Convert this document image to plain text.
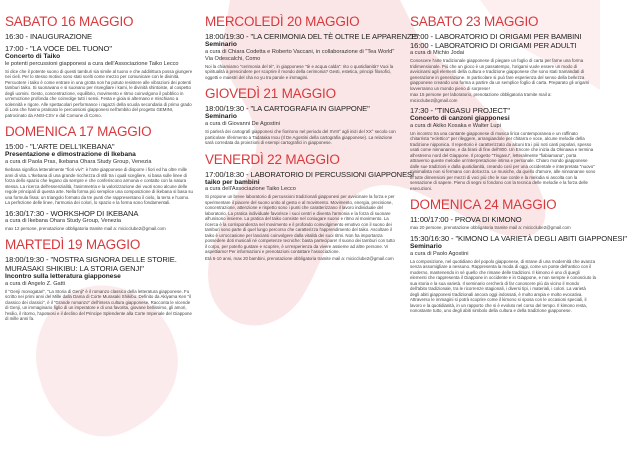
SABATO 16 MAGGIO

16:30 - INAUGURAZIONE

17:00 - "LA VOCE DEL TUONO"

Concerto di Taiko

le potenti percussioni giapponesi a cura dell'Associazione Taiko Lecco

Si dice che il potente suono di questi tamburi sia simile al tuono e che addirittura possa giungere nei cieli. Per lo stesso motivo sono stati scelti come mezzo per comunicare con le divinità. Percuotere i taiko è come entrare in una grotta non ha potuto resistere alle vibrazioni dei potenti tamburi taiko. Si suonavano e si suonano per risvegliare i kami, le divinità shintoiste, al cospetto degli uomini. Gesto, concentrazione, equilibrio, movimento e ritmo coinvolgono il pubblico in un'emozione profonda che coinvolge tutti i sensi. Festa e gioia si alternano e mischiano a solennità e rigore. Alle spettacolari performance i ragazzi della scuola secondaria di primo grado di Lora che hanno praticato le percussioni giapponesi nell'ambito del progetto GEMINI, patrocinato da ANSI-CSV e dal Comune di Como.

DOMENICA 17 MAGGIO

15:00 - "L'ARTE DELL'IKEBANA"

Presentazione e dimostrazione di Ikebana

a cura di Paola Pras, Ikebana Ohara Study Group, Venezia

Ikebana significa letteralmente "fiori vivi": è l'arte giapponese di disporre i fiori ed ha oltre mille anni di vita. L'Ikebana di una grande ricchezza di stili tra i quali scegliere, si basa sulle linee di forza dello spazio che legano da sempre e che conferiscono armonia e contatto con la natura stessa. La ricerca dell'essenzialità, l'asimmetria e la valorizzazione dei vuoti sono alcune delle regole principali di questa arte. Nella forma più semplice una composizione di ikebana si basa su una formula fissa: un triangolo formato da tre punti che rappresentano il cielo, la terra e l'uomo. La perfezione delle linee, l'armonia dei colori, lo spazio e la forma sono fondamentali.

16:30/17:30 - WORKSHOP DI IKEBANA

a cura di Ikebana Ohara Study Group, Venezia

max 12 persone, prenotazione obbligatoria tramite mail a: micicclube2@gmail.com

MARTEDÌ 19 MAGGIO

18:00/19:30 - "NOSTRA SIGNORA DELLE STORIE.

MURASAKI SHIKIBU: LA STORIA GENJI"

Incontro sulla letteratura giapponese

a cura di Angelo Z. Gatti

Il "Genji monogatari", "La Storia di Genji" è il romanzo classico della letteratura giapponese. Fu scritto nei primi anni del Mille dalla Dama di Corte Murasaki Shikibu. Definito da Akiyama Ken "il classico dei classici", è il "Grande romanzo" dell'intera cultura giapponese. Racconta le vicende di Genji, un immaginario figlio di un imperatore e di una favorita, giovane bellissimo, gli amori, l'esilio, il ritorno, l'apoteosi e il declino del Principe Splendente alla Corte Imperiale del Giappone di mille anni fa.

MERCOLEDÌ 20 MAGGIO

18:00/19:30 - "LA CERIMONIA DEL TÈ OLTRE LE APPARENZE"

Seminario

a cura di Chiara Codetta e Roberto Vaccani, in collaborazione di "Tea World" Via Odescalchi, Como

Noi la chiamiamo "cerimonia del tè", in giapponese "tè e acqua calda": rito o quotidianità? Vuoi la spiritualità a prescindere per scoprire il mondo della cerimonia? Gesti, estetica, principi filosofici, oggetti e maestri del cha no yu tra parole e immagini.

GIOVEDÌ 21 MAGGIO

18:00/19:30 - "LA CARTOGRAFIA IN GIAPPONE"

Seminario

a cura di Giovanni De Agostini

Si parlerà dei cartografi giapponesi che fiorirono nel periodo del XVIII° agli inizi del XX° secolo con particolare riferimento a Tadataka Inou (Il De Agostini della cartografia giapponese). La relazione sarà corredata da proiezioni di esempi cartografici in giapponese.

VENERDÌ 22 MAGGIO

17:00/18:30 - LABORATORIO DI PERCUSSIONI GIAPPONESI

taiko per bambini

a cura dell'Associazione Taiko Lecco

Si propone un breve laboratorio di percussioni tradizionali giapponesi per avvicinare la forza e per sperimentare il piacere del suono unito al gesto e al movimento. Movimento, energia, precisione, concentrazione, attenzione e rispetto sono i punti che caratterizzano il lavoro individuale del laboratorio. La pratica individuale favorisce i suoi centri e diventa l'armonia e la forza di suonare all'unisono insieme. La pratica del taiko consiste nel coniugare suono e ritmo al movimento. La ricerca è la corrispondenza nel movimento e il profondo coinvolgimento emotivo con il suono dei tamburi sono parte di quel lungo percorso che caratterizza l'apprendimento del taiko. Ascoltare il taiko è un'occasione per lasciarsi coinvolgere dalla vitalità dei suoi ritmi. Non ha importanza possedere doti musicali né competenze tecniche: basta partecipare! Il suono dei tamburi con tutto il corpo, per poterlo gustare e scoprire, è un'esperienza da vivere assieme ad altre persone. Vi aspettiamo! Per informazioni e prenotazioni contattare l'associazione.

Età 6-10 anni, max 20 bambini, prenotazione obbligatoria tramite mail a: micicclube2@gmail.com

SABATO 23 MAGGIO

15:00 - LABORATORIO DI ORIGAMI PER BAMBINI

16:00 - LABORATORIO DI ORIGAMI PER ADULTI

a cura di Michio Jodai

Conoscere l'arte tradizionale giapponese di piegare un foglio di carta per farne una forma tridimensionale. Più che un gioco è un passatempo, l'origami vuole essere un modo di avvicinarsi agli elementi della cultura e tradizione giapponese che sono stati tramandati di generazione in generazione. In particolare si può fare esperienza del senso della bellezza giapponese creando una forma a partire da un semplice foglio di carta. Preparato gli origami lovverranno un mondo pieno di sorprese!

max 15 persone per laboratorio, prenotazione obbligatoria tramite mail a: micicclube2@gmail.com

17:30 - "TINGASU PROJECT"

Concerto di canzoni giapponesi

a cura di Akiko Kosaka e Walter Lupi

Un incontro tra una cantante giapponese di musica lirica contemporanea e un raffinato chitarrista "eclettico" per rileggere, arrangiandole per chitarra e voce, alcune melodie della tradizione nipponica. Il repertorio è caratterizzato da alcuni tra i più noti canti popolari, spesso usati come ninnananne, e da brani di fine dell'800. Un Encore che inizia da Okinawa e termina all'estremo nord del Giappone. Il progetto "Tingasu", letteralmente "fiabiamana", porta attraverso queste melodie un'interpretazione intima e personale. Chiaro mondo giapponese dalle sue tradizioni e dalla quotidianità, creando così per una occidentale e interpretata "nuovo" minimalista non si fermano con dolcezza. Le musiche, da quello d'amore, alle ninnananne sono in tutte dimensioni per mezzi di voci più che le sue corde e la melodia si ascolta con la sensazione di sapere. Pieno di segni si fondono con la tecnica delle melodie e la forza delle esecuzioni.

DOMENICA 24 MAGGIO

11:00/17:00 - PROVA DI KIMONO

max 20 persone, prenotazione obbligatoria tramite mail a: micicclube2@gmail.com

15:30/16:30 - "KIMONO LA VARIETÀ DEGLI ABITI GIAPPONESI"

Seminario

a cura di Paolo Agostini

La composizione, nel quotidiano del popolo giapponese, di strane di una modernità che avanza senza assomigliare a nessuno. Rappresenta la moda di oggi, come un ponte dell'antico con il moderno, mantenendo in sé quello che rimane delle tradizioni. Il kimono è uno di quegli elementi che rappresenta il Giappone in occidente e in Giappone, e non sempre è conosciuto la sua storia e la sua varietà. Il seminario cercherà di far conoscere più da vicino il mondo dell'abito tradizionale, tra le ricorrenze stagionali, i diversi tipi, i materiali, i colori. La varietà degli abiti giapponesi tradizionali ancora oggi indossati, è molto ampia e molto evocativa. Attraverso le immagini si potrà scoprire come il kimono si sposa con le occasioni speciali, il lavoro e la quotidianità, in un rapporto che si è evoluto nel corso del tempo. Il kimono resta, nonostante tutto, uno degli abiti simbolo della cultura e della tradizione giapponese.
